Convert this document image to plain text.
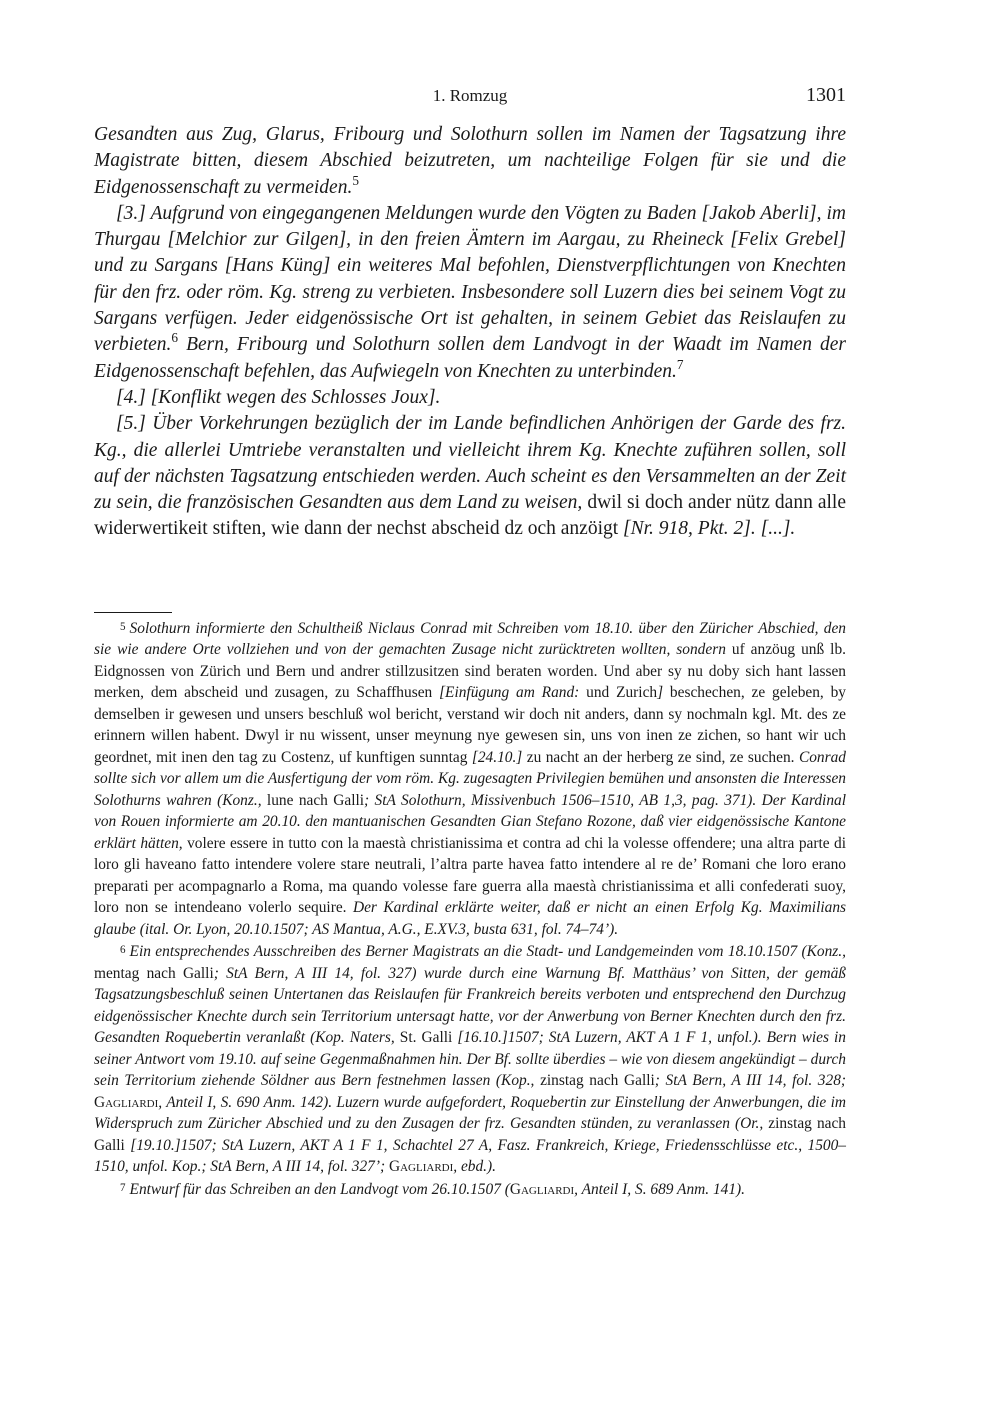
1. Romzug	1301

Gesandten aus Zug, Glarus, Fribourg und Solothurn sollen im Namen der Tagsatzung ihre Magistrate bitten, diesem Abschied beizutreten, um nachteilige Folgen für sie und die Eidgenossenschaft zu vermeiden.$^5$

[3.] Aufgrund von eingegangenen Meldungen wurde den Vögten zu Baden [Jakob Aberli], im Thurgau [Melchior zur Gilgen], in den freien Ämtern im Aargau, zu Rheineck [Felix Grebel] und zu Sargans [Hans Küng] ein weiteres Mal befohlen, Dienstverpflichtungen von Knechten für den frz. oder röm. Kg. streng zu verbieten. Insbesondere soll Luzern dies bei seinem Vogt zu Sargans verfügen. Jeder eidgenössische Ort ist gehalten, in seinem Gebiet das Reislaufen zu verbieten.$^6$ Bern, Fribourg und Solothurn sollen dem Landvogt in der Waadt im Namen der Eidgenossenschaft befehlen, das Aufwiegeln von Knechten zu unterbinden.$^7$

[4.] [Konflikt wegen des Schlosses Joux].

[5.] Über Vorkehrungen bezüglich der im Lande befindlichen Anhörigen der Garde des frz. Kg., die allerlei Umtriebe veranstalten und vielleicht ihrem Kg. Knechte zuführen sollen, soll auf der nächsten Tagsatzung entschieden werden. Auch scheint es den Versammelten an der Zeit zu sein, die französischen Gesandten aus dem Land zu weisen, dwil si doch ander nütz dann alle widerwertikeit stiften, wie dann der nechst abscheid dz och anzöigt [Nr. 918, Pkt. 2]. [...].

5 Solothurn informierte den Schultheiß Niclaus Conrad mit Schreiben vom 18.10. über den Züricher Abschied, den sie wie andere Orte vollziehen und von der gemachten Zusage nicht zurücktreten wollten, sondern uf anzöug unß lb. Eidgnossen von Zürich und Bern und andrer stillzusitzen sind beraten worden. Und aber sy nu doby sich hant lassen merken, dem abscheid und zusagen, zu Schaffhusen [Einfügung am Rand: und Zurich] beschechen, ze geleben, by demselben ir gewesen und unsers beschluß wol bericht, verstand wir doch nit anders, dann sy nochmaln kgl. Mt. des ze erinnern willen habent. Dwyl ir nu wissent, unser meynung nye gewesen sin, uns von inen ze zichen, so hant wir uch geordnet, mit inen den tag zu Costenz, uf kunftigen sunntag [24.10.] zu nacht an der herberg ze sind, ze suchen. Conrad sollte sich vor allem um die Ausfertigung der vom röm. Kg. zugesagten Privilegien bemühen und ansonsten die Interessen Solothurns wahren (Konz., lune nach Galli; StA Solothurn, Missivenbuch 1506–1510, AB 1,3, pag. 371). Der Kardinal von Rouen informierte am 20.10. den mantuanischen Gesandten Gian Stefano Rozone, daß vier eidgenössische Kantone erklärt hätten, volere essere in tutto con la maestà christianissima et contra ad chi la volesse offendere; una altra parte di loro gli haveano fatto intendere volere stare neutrali, l’altra parte havea fatto intendere al re de’ Romani che loro erano preparati per acompagnarlo a Roma, ma quando volesse fare guerra alla maestà christianissima et alli confederati suoy, loro non se intendeano volerlo sequire. Der Kardinal erklärte weiter, daß er nicht an einen Erfolg Kg. Maximilians glaube (ital. Or. Lyon, 20.10.1507; AS Mantua, A.G., E.XV.3, busta 631, fol. 74–74’).

6 Ein entsprechendes Ausschreiben des Berner Magistrats an die Stadt- und Landgemeinden vom 18.10.1507 (Konz., mentag nach Galli; StA Bern, A III 14, fol. 327) wurde durch eine Warnung Bf. Matthäus’ von Sitten, der gemäß Tagsatzungsbeschluß seinen Untertanen das Reislaufen für Frankreich bereits verboten und entsprechend den Durchzug eidgenössischer Knechte durch sein Territorium untersagt hatte, vor der Anwerbung von Berner Knechten durch den frz. Gesandten Roquebertin veranlaßt (Kop. Naters, St. Galli [16.10.]1507; StA Luzern, AKT A 1 F 1, unfol.). Bern wies in seiner Antwort vom 19.10. auf seine Gegenmaßnahmen hin. Der Bf. sollte überdies – wie von diesem angekündigt – durch sein Territorium ziehende Söldner aus Bern festnehmen lassen (Kop., zinstag nach Galli; StA Bern, A III 14, fol. 328; Gagliardi, Anteil I, S. 690 Anm. 142). Luzern wurde aufgefordert, Roquebertin zur Einstellung der Anwerbungen, die im Widerspruch zum Züricher Abschied und zu den Zusagen der frz. Gesandten stünden, zu veranlassen (Or., zinstag nach Galli [19.10.]1507; StA Luzern, AKT A 1 F 1, Schachtel 27 A, Fasz. Frankreich, Kriege, Friedensschlüsse etc., 1500–1510, unfol. Kop.; StA Bern, A III 14, fol. 327’; Gagliardi, ebd.).

7 Entwurf für das Schreiben an den Landvogt vom 26.10.1507 (Gagliardi, Anteil I, S. 689 Anm. 141).
